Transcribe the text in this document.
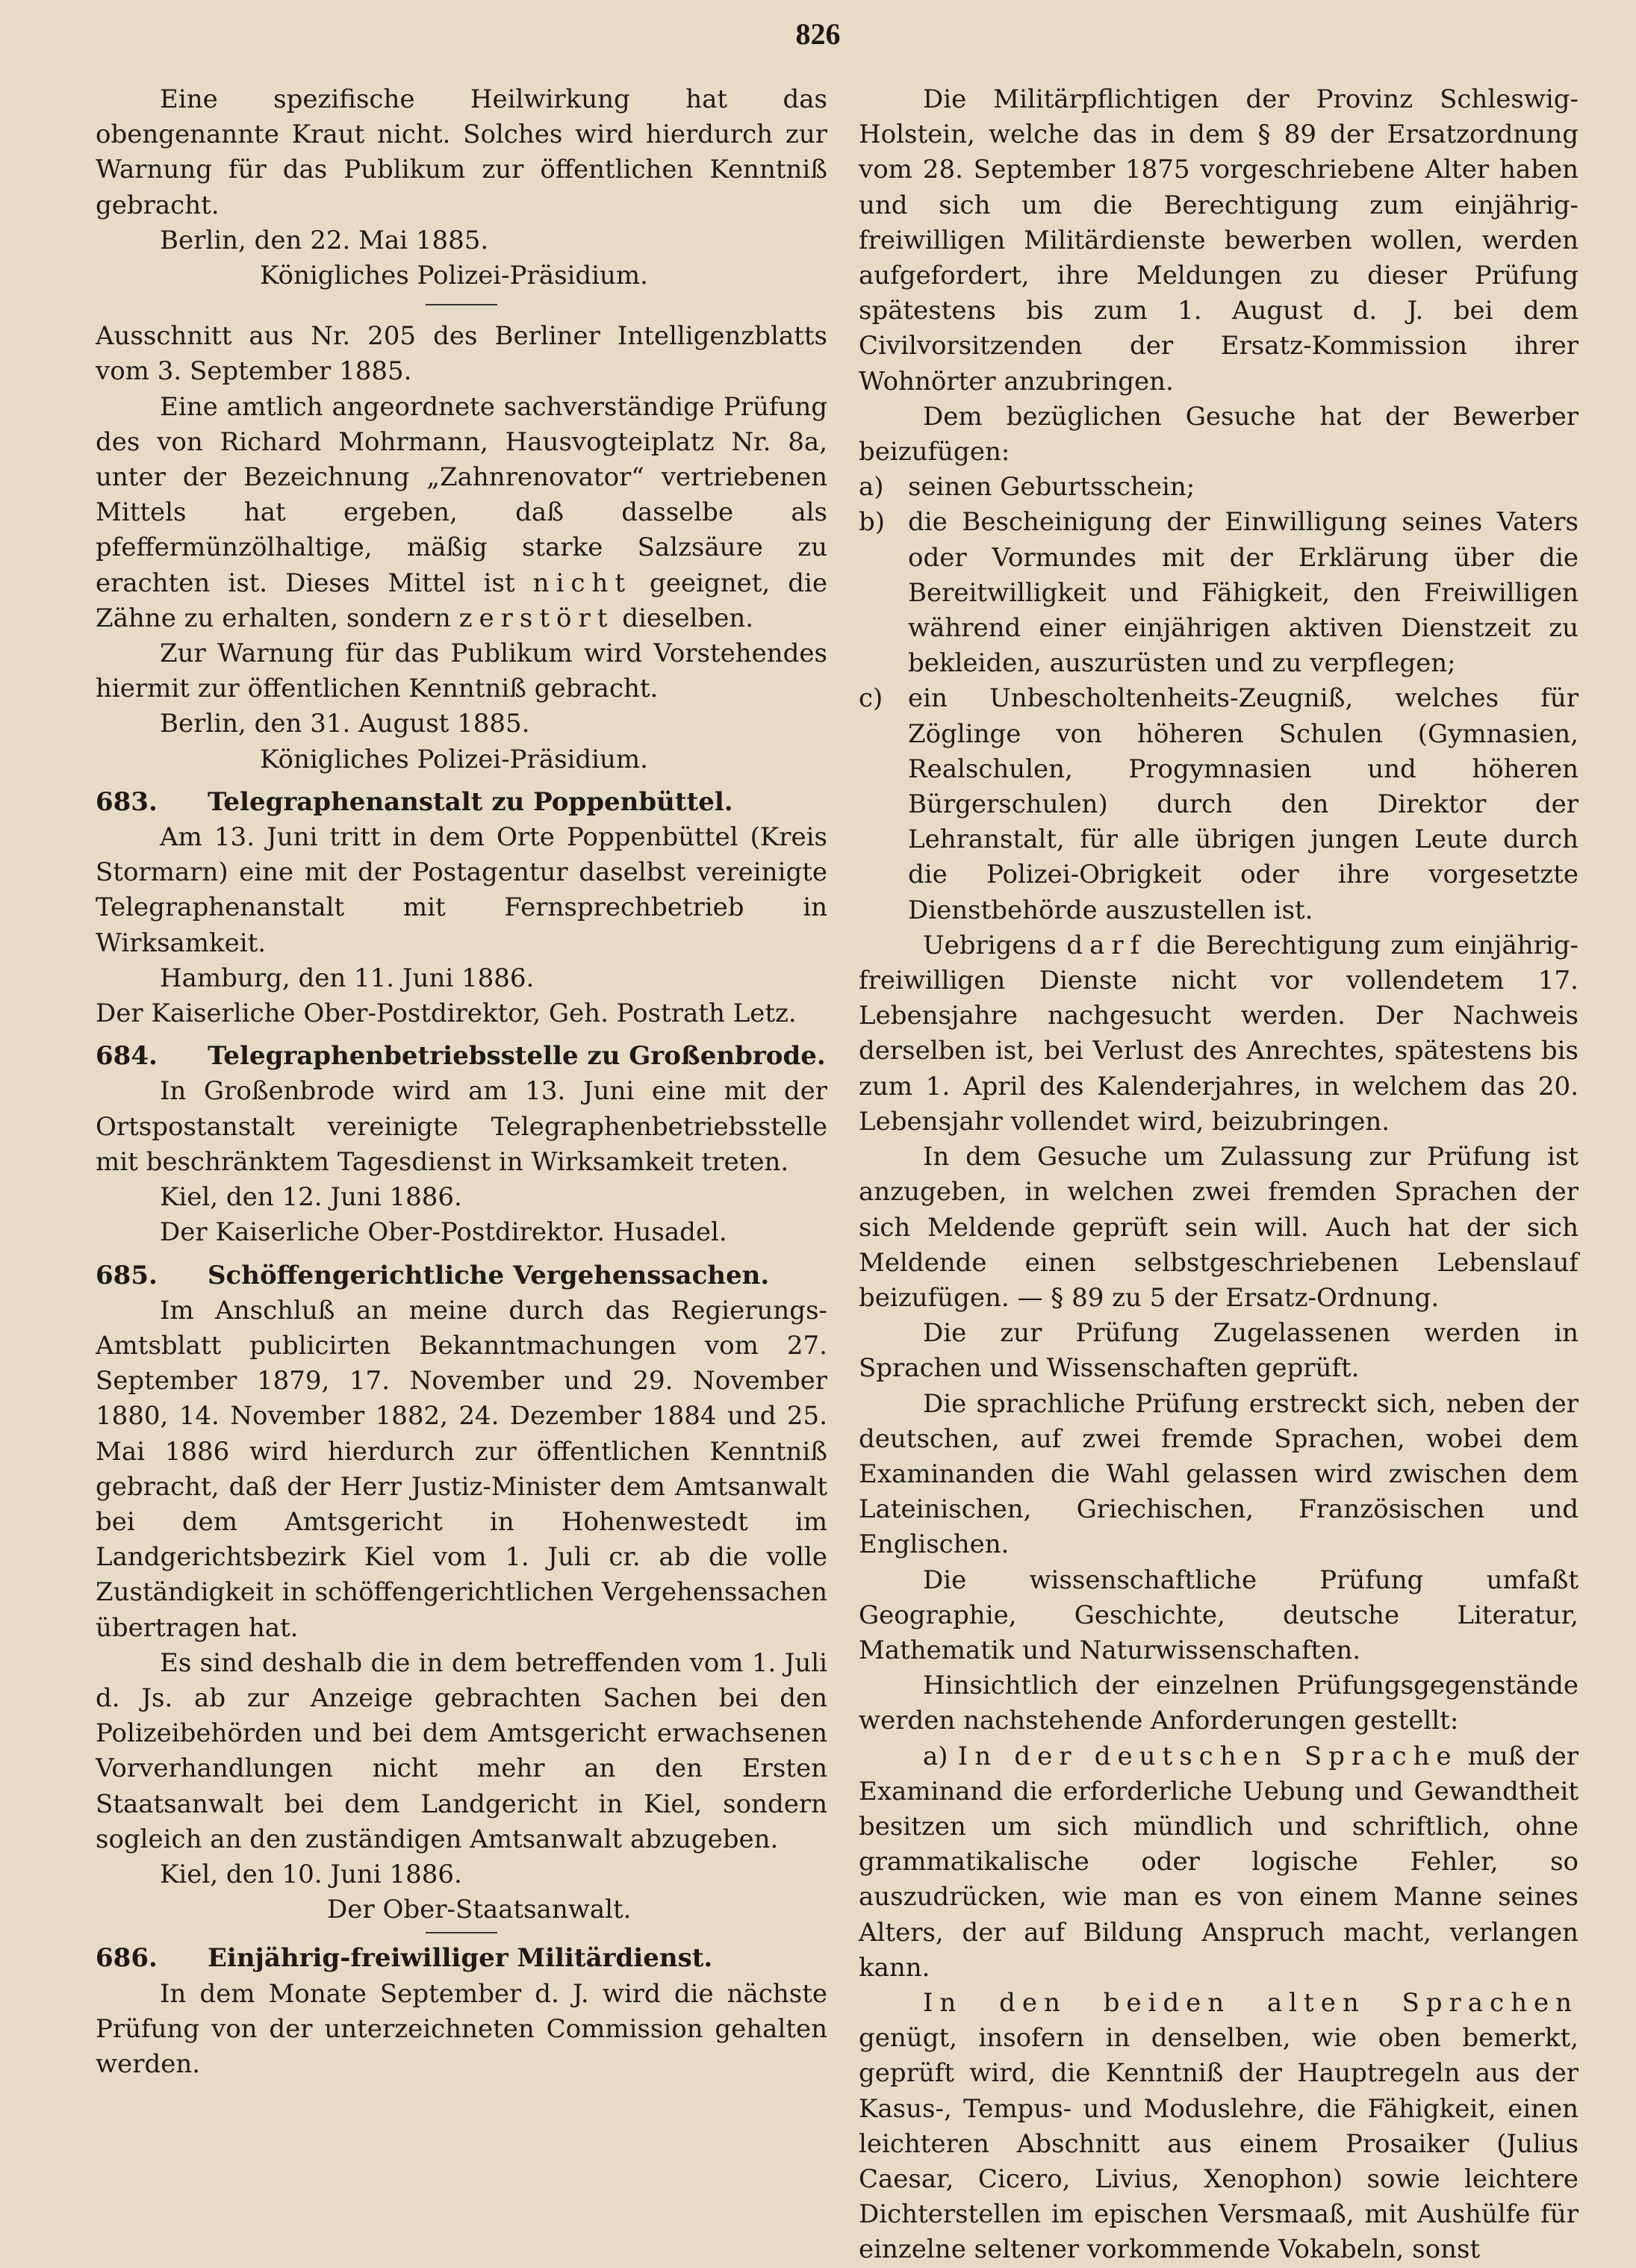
826

Eine spezifische Heilwirkung hat das obengenannte Kraut nicht. Solches wird hierdurch zur Warnung für das Publikum zur öffentlichen Kenntniß gebracht.

Berlin, den 22. Mai 1885.

Königliches Polizei-Präsidium.

Ausschnitt aus Nr. 205 des Berliner Intelligenzblatts vom 3. September 1885.

Eine amtlich angeordnete sachverständige Prüfung des von Richard Mohrmann, Hausvogteiplatz Nr. 8a, unter der Bezeichnung „Zahnrenovator“ vertriebenen Mittels hat ergeben, daß dasselbe als pfeffermünzölhaltige, mäßig starke Salzsäure zu erachten ist. Dieses Mittel ist nicht geeignet, die Zähne zu erhalten, sondern zerstört dieselben.

Zur Warnung für das Publikum wird Vorstehendes hiermit zur öffentlichen Kenntniß gebracht.

Berlin, den 31. August 1885.

Königliches Polizei-Präsidium.

683. Telegraphenanstalt zu Poppenbüttel.

Am 13. Juni tritt in dem Orte Poppenbüttel (Kreis Stormarn) eine mit der Postagentur daselbst vereinigte Telegraphenanstalt mit Fernsprechbetrieb in Wirksamkeit.

Hamburg, den 11. Juni 1886.

Der Kaiserliche Ober-Postdirektor, Geh. Postrath Letz.

684. Telegraphenbetriebsstelle zu Großenbrode.

In Großenbrode wird am 13. Juni eine mit der Ortspostanstalt vereinigte Telegraphenbetriebsstelle mit beschränktem Tagesdienst in Wirksamkeit treten.

Kiel, den 12. Juni 1886.

Der Kaiserliche Ober-Postdirektor. Husadel.

685. Schöffengerichtliche Vergehenssachen.

Im Anschluß an meine durch das Regierungs-Amtsblatt publicirten Bekanntmachungen vom 27. September 1879, 17. November und 29. November 1880, 14. November 1882, 24. Dezember 1884 und 25. Mai 1886 wird hierdurch zur öffentlichen Kenntniß gebracht, daß der Herr Justiz-Minister dem Amtsanwalt bei dem Amtsgericht in Hohenwestedt im Landgerichtsbezirk Kiel vom 1. Juli cr. ab die volle Zuständigkeit in schöffengerichtlichen Vergehenssachen übertragen hat.

Es sind deshalb die in dem betreffenden vom 1. Juli d. Js. ab zur Anzeige gebrachten Sachen bei den Polizeibehörden und bei dem Amtsgericht erwachsenen Vorverhandlungen nicht mehr an den Ersten Staatsanwalt bei dem Landgericht in Kiel, sondern sogleich an den zuständigen Amtsanwalt abzugeben.

Kiel, den 10. Juni 1886.

Der Ober-Staatsanwalt.

686. Einjährig-freiwilliger Militärdienst.

In dem Monate September d. J. wird die nächste Prüfung von der unterzeichneten Commission gehalten werden.

Die Militärpflichtigen der Provinz Schleswig-Holstein, welche das in dem § 89 der Ersatzordnung vom 28. September 1875 vorgeschriebene Alter haben und sich um die Berechtigung zum einjährig-freiwilligen Militärdienste bewerben wollen, werden aufgefordert, ihre Meldungen zu dieser Prüfung spätestens bis zum 1. August d. J. bei dem Civilvorsitzenden der Ersatz-Kommission ihrer Wohnörter anzubringen.

Dem bezüglichen Gesuche hat der Bewerber beizufügen:

a) seinen Geburtsschein;
b) die Bescheinigung der Einwilligung seines Vaters oder Vormundes mit der Erklärung über die Bereitwilligkeit und Fähigkeit, den Freiwilligen während einer einjährigen aktiven Dienstzeit zu bekleiden, auszurüsten und zu verpflegen;
c) ein Unbescholtenheits-Zeugniß, welches für Zöglinge von höheren Schulen (Gymnasien, Realschulen, Progymnasien und höheren Bürgerschulen) durch den Direktor der Lehranstalt, für alle übrigen jungen Leute durch die Polizei-Obrigkeit oder ihre vorgesetzte Dienstbehörde auszustellen ist.

Uebrigens darf die Berechtigung zum einjährig-freiwilligen Dienste nicht vor vollendetem 17. Lebensjahre nachgesucht werden. Der Nachweis derselben ist, bei Verlust des Anrechtes, spätestens bis zum 1. April des Kalenderjahres, in welchem das 20. Lebensjahr vollendet wird, beizubringen.

In dem Gesuche um Zulassung zur Prüfung ist anzugeben, in welchen zwei fremden Sprachen der sich Meldende geprüft sein will. Auch hat der sich Meldende einen selbstgeschriebenen Lebenslauf beizufügen. — § 89 zu 5 der Ersatz-Ordnung.

Die zur Prüfung Zugelassenen werden in Sprachen und Wissenschaften geprüft.

Die sprachliche Prüfung erstreckt sich, neben der deutschen, auf zwei fremde Sprachen, wobei dem Examinanden die Wahl gelassen wird zwischen dem Lateinischen, Griechischen, Französischen und Englischen.

Die wissenschaftliche Prüfung umfaßt Geographie, Geschichte, deutsche Literatur, Mathematik und Naturwissenschaften.

Hinsichtlich der einzelnen Prüfungsgegenstände werden nachstehende Anforderungen gestellt:

a) In der deutschen Sprache muß der Examinand die erforderliche Uebung und Gewandtheit besitzen um sich mündlich und schriftlich, ohne grammatikalische oder logische Fehler, so auszudrücken, wie man es von einem Manne seines Alters, der auf Bildung Anspruch macht, verlangen kann.

In den beiden alten Sprachen genügt, insofern in denselben, wie oben bemerkt, geprüft wird, die Kenntniß der Hauptregeln aus der Kasus-, Tempus- und Moduslehre, die Fähigkeit, einen leichteren Abschnitt aus einem Prosaiker (Julius Caesar, Cicero, Livius, Xenophon) sowie leichtere Dichterstellen im epischen Versmaaß, mit Aushülfe für einzelne seltener vorkommende Vokabeln, sonst
